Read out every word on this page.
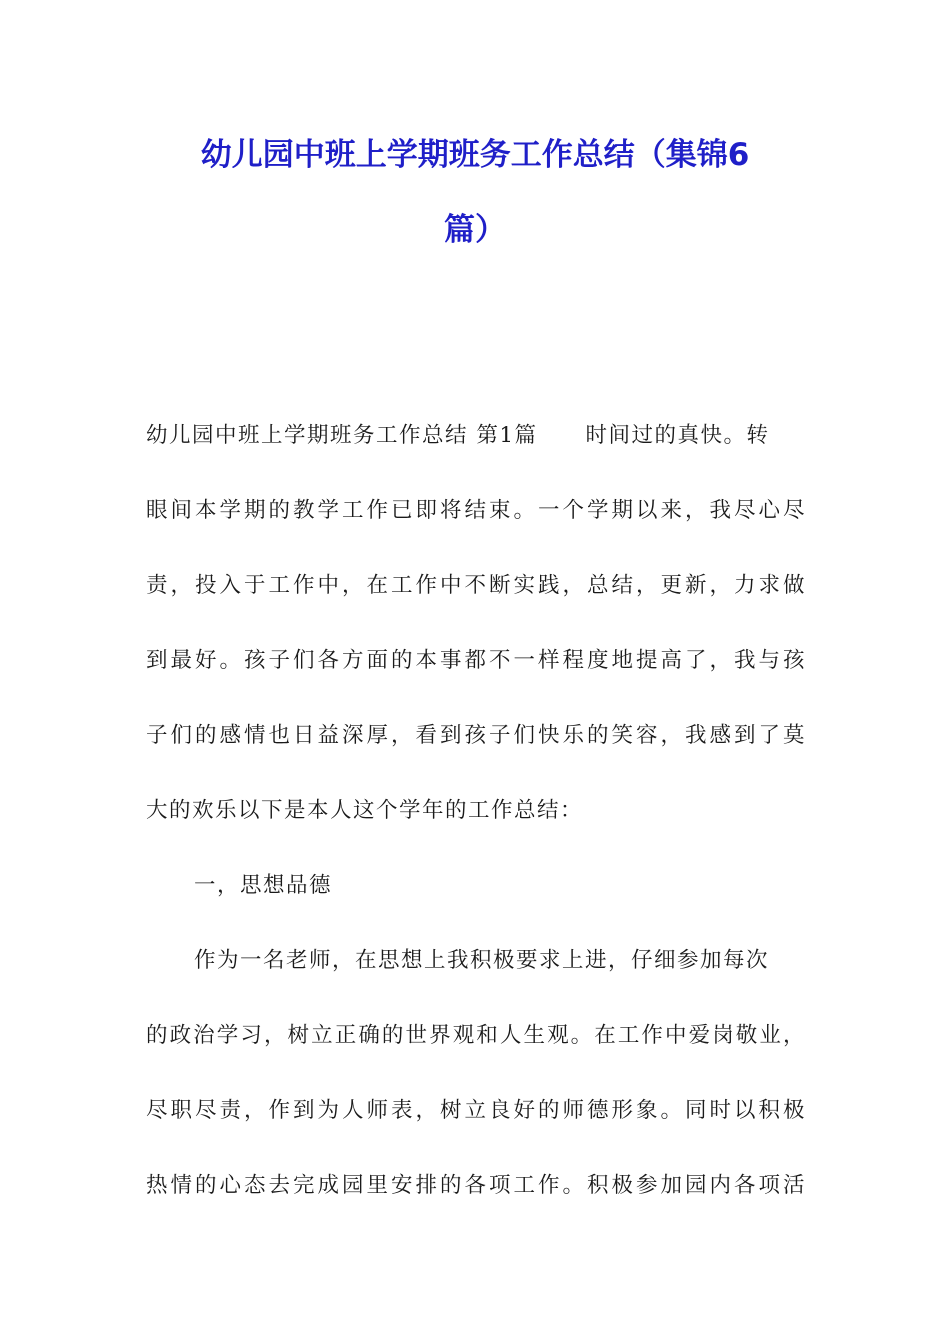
幼儿园中班上学期班务工作总结（集锦6
篇）
幼儿园中班上学期班务工作总结 第1篇 时间过的真快。转
眼间本学期的教学工作已即将结束。一个学期以来，我尽心尽
责，投入于工作中，在工作中不断实践，总结，更新，力求做
到最好。孩子们各方面的本事都不一样程度地提高了，我与孩
子们的感情也日益深厚，看到孩子们快乐的笑容，我感到了莫
大的欢乐以下是本人这个学年的工作总结：
一，思想品德
作为一名老师，在思想上我积极要求上进，仔细参加每次
的政治学习，树立正确的世界观和人生观。在工作中爱岗敬业，
尽职尽责，作到为人师表，树立良好的师德形象。同时以积极
热情的心态去完成园里安排的各项工作。积极参加园内各项活
